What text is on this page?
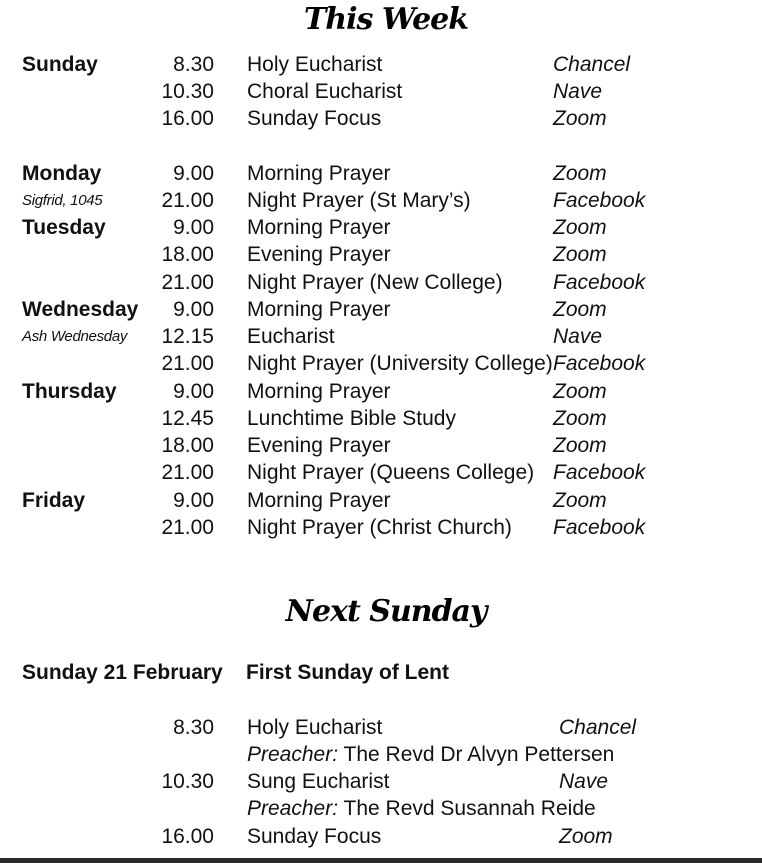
This Week
Sunday	8.30 Holy Eucharist	Chancel
10.30 Choral Eucharist	Nave
16.00 Sunday Focus	Zoom
Monday	9.00 Morning Prayer	Zoom
Sigfrid, 1045	21.00 Night Prayer (St Mary’s)	Facebook
Tuesday	9.00 Morning Prayer	Zoom
18.00 Evening Prayer	Zoom
21.00 Night Prayer (New College) Facebook
Wednesday 9.00 Morning Prayer	Zoom
Ash Wednesday 12.15 Eucharist	Nave
21.00 Night Prayer (University College) Facebook
Thursday	9.00 Morning Prayer	Zoom
12.45 Lunchtime Bible Study	Zoom
18.00 Evening Prayer	Zoom
21.00 Night Prayer (Queens College) Facebook
Friday	9.00 Morning Prayer	Zoom
21.00 Night Prayer (Christ Church) Facebook
Next Sunday
Sunday 21 February First Sunday of Lent
8.30 Holy Eucharist	Chancel
Preacher: The Revd Dr Alvyn Pettersen
10.30 Sung Eucharist	Nave
Preacher: The Revd Susannah Reide
16.00 Sunday Focus	Zoom
